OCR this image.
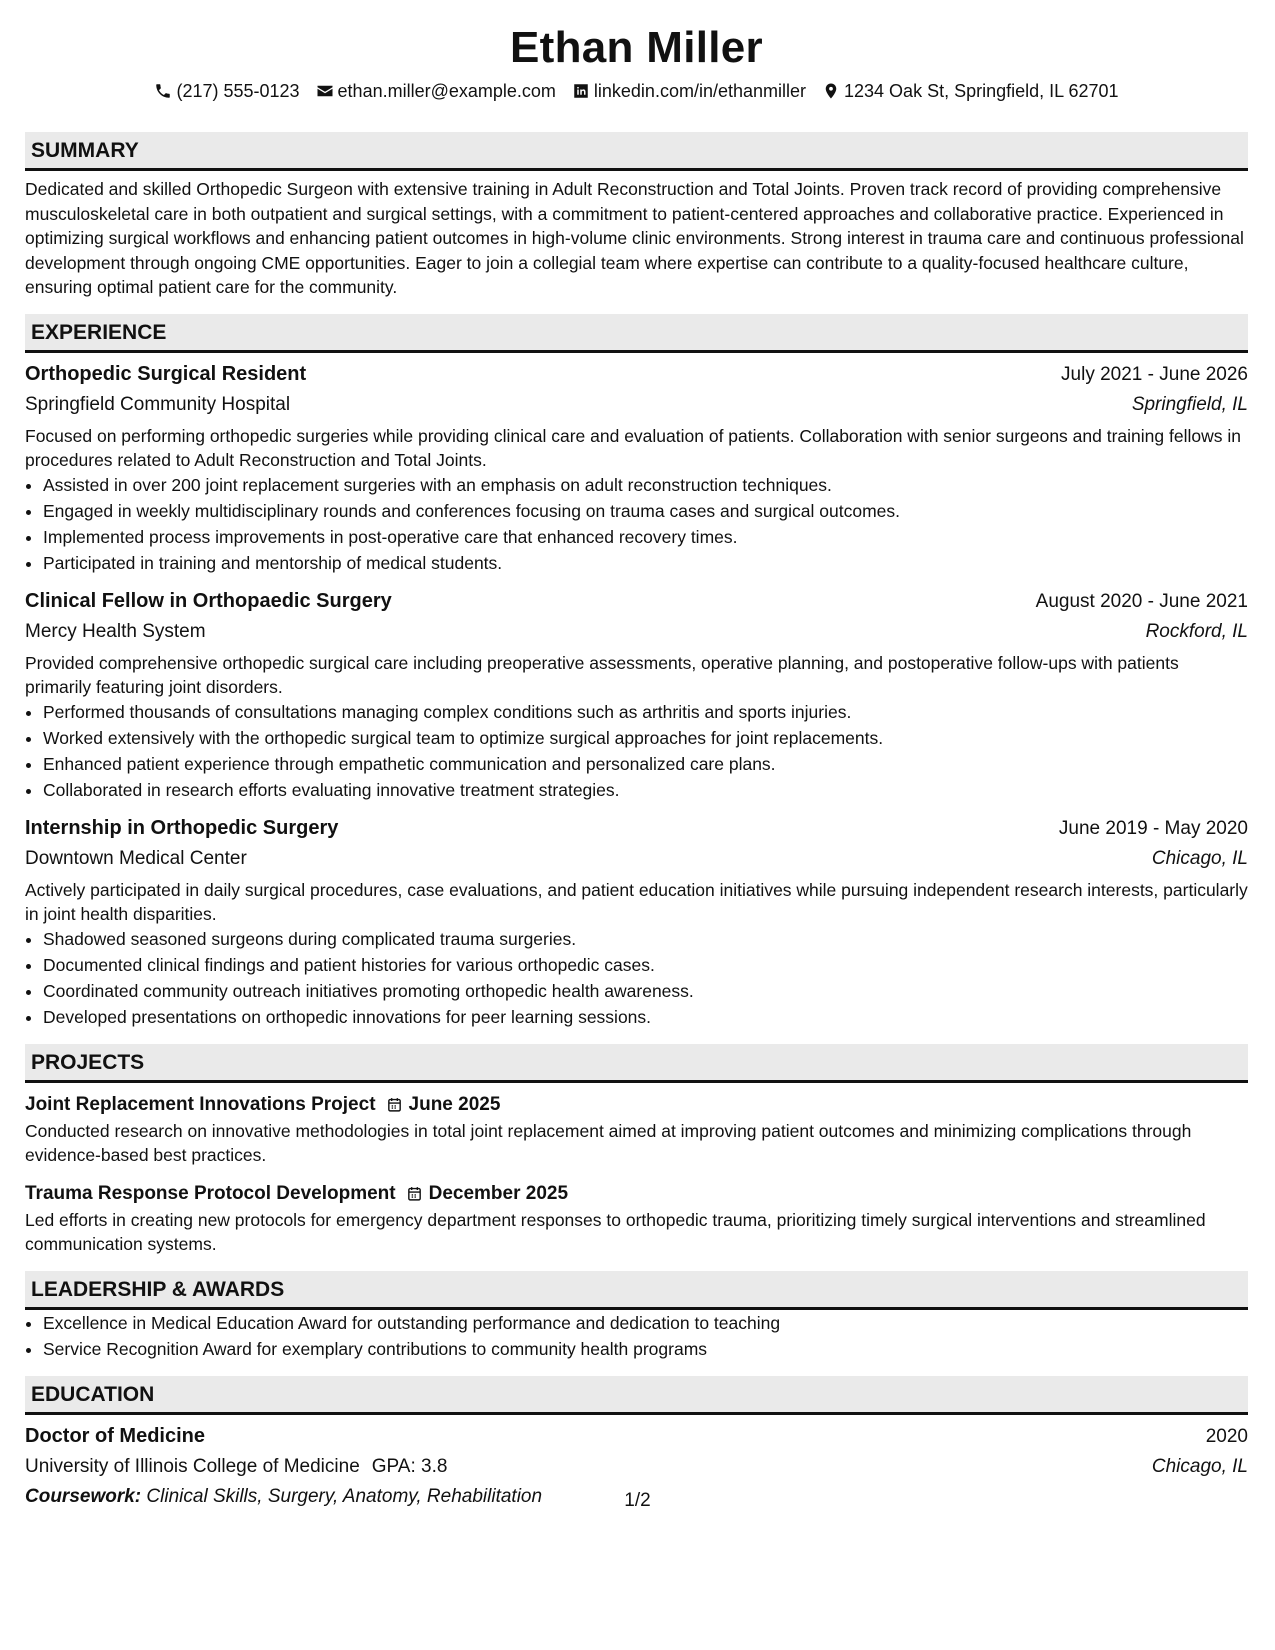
Ethan Miller
(217) 555-0123 ethan.miller@example.com linkedin.com/in/ethanmiller 1234 Oak St, Springfield, IL 62701
SUMMARY
Dedicated and skilled Orthopedic Surgeon with extensive training in Adult Reconstruction and Total Joints. Proven track record of providing comprehensive musculoskeletal care in both outpatient and surgical settings, with a commitment to patient-centered approaches and collaborative practice. Experienced in optimizing surgical workflows and enhancing patient outcomes in high-volume clinic environments. Strong interest in trauma care and continuous professional development through ongoing CME opportunities. Eager to join a collegial team where expertise can contribute to a quality-focused healthcare culture, ensuring optimal patient care for the community.
EXPERIENCE
Orthopedic Surgical Resident	July 2021 - June 2026
Springfield Community Hospital	Springfield, IL
Focused on performing orthopedic surgeries while providing clinical care and evaluation of patients. Collaboration with senior surgeons and training fellows in procedures related to Adult Reconstruction and Total Joints.
• Assisted in over 200 joint replacement surgeries with an emphasis on adult reconstruction techniques.
• Engaged in weekly multidisciplinary rounds and conferences focusing on trauma cases and surgical outcomes.
• Implemented process improvements in post-operative care that enhanced recovery times.
• Participated in training and mentorship of medical students.
Clinical Fellow in Orthopaedic Surgery	August 2020 - June 2021
Mercy Health System	Rockford, IL
Provided comprehensive orthopedic surgical care including preoperative assessments, operative planning, and postoperative follow-ups with patients primarily featuring joint disorders.
• Performed thousands of consultations managing complex conditions such as arthritis and sports injuries.
• Worked extensively with the orthopedic surgical team to optimize surgical approaches for joint replacements.
• Enhanced patient experience through empathetic communication and personalized care plans.
• Collaborated in research efforts evaluating innovative treatment strategies.
Internship in Orthopedic Surgery	June 2019 - May 2020
Downtown Medical Center	Chicago, IL
Actively participated in daily surgical procedures, case evaluations, and patient education initiatives while pursuing independent research interests, particularly in joint health disparities.
• Shadowed seasoned surgeons during complicated trauma surgeries.
• Documented clinical findings and patient histories for various orthopedic cases.
• Coordinated community outreach initiatives promoting orthopedic health awareness.
• Developed presentations on orthopedic innovations for peer learning sessions.
PROJECTS
Joint Replacement Innovations Project June 2025
Conducted research on innovative methodologies in total joint replacement aimed at improving patient outcomes and minimizing complications through evidence-based best practices.
Trauma Response Protocol Development December 2025
Led efforts in creating new protocols for emergency department responses to orthopedic trauma, prioritizing timely surgical interventions and streamlined communication systems.
LEADERSHIP & AWARDS
• Excellence in Medical Education Award for outstanding performance and dedication to teaching
• Service Recognition Award for exemplary contributions to community health programs
EDUCATION
Doctor of Medicine	2020
University of Illinois College of Medicine GPA: 3.8	Chicago, IL
Coursework: Clinical Skills, Surgery, Anatomy, Rehabilitation	1/2
